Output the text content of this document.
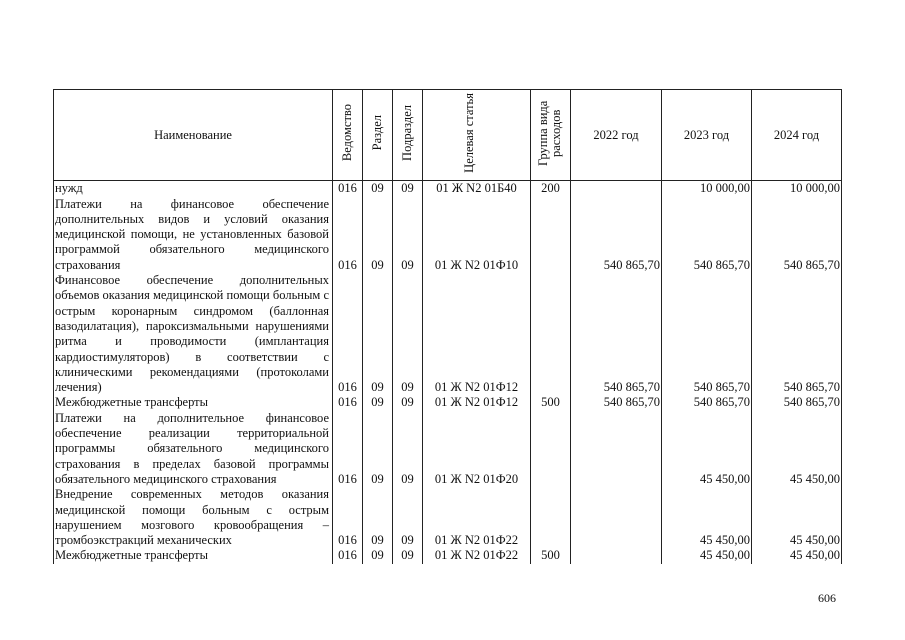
Наименование	Ведомство	Раздел	Подраздел	Целевая статья	Группа вида расходов	2022 год	2023 год	2024 год
нужд	016	09	09	01 Ж N2 01Б40	200		10 000,00	10 000,00
Платежи на финансовое обеспечение дополнительных видов и условий оказания медицинской помощи, не установленных базовой программой обязательного медицинского страхования	016	09	09	01 Ж N2 01Ф10		540 865,70	540 865,70	540 865,70
Финансовое обеспечение дополнительных объемов оказания медицинской помощи больным с острым коронарным синдромом (баллонная вазодилатация), пароксизмальными нарушениями ритма и проводимости (имплантация кардиостимуляторов) в соответствии с клиническими рекомендациями (протоколами лечения)	016	09	09	01 Ж N2 01Ф12		540 865,70	540 865,70	540 865,70
Межбюджетные трансферты	016	09	09	01 Ж N2 01Ф12	500	540 865,70	540 865,70	540 865,70
Платежи на дополнительное финансовое обеспечение реализации территориальной программы обязательного медицинского страхования в пределах базовой программы обязательного медицинского страхования	016	09	09	01 Ж N2 01Ф20			45 450,00	45 450,00
Внедрение современных методов оказания медицинской помощи больным с острым нарушением мозгового кровообращения – тромбоэкстракций механических	016	09	09	01 Ж N2 01Ф22			45 450,00	45 450,00
Межбюджетные трансферты	016	09	09	01 Ж N2 01Ф22	500		45 450,00	45 450,00
606
